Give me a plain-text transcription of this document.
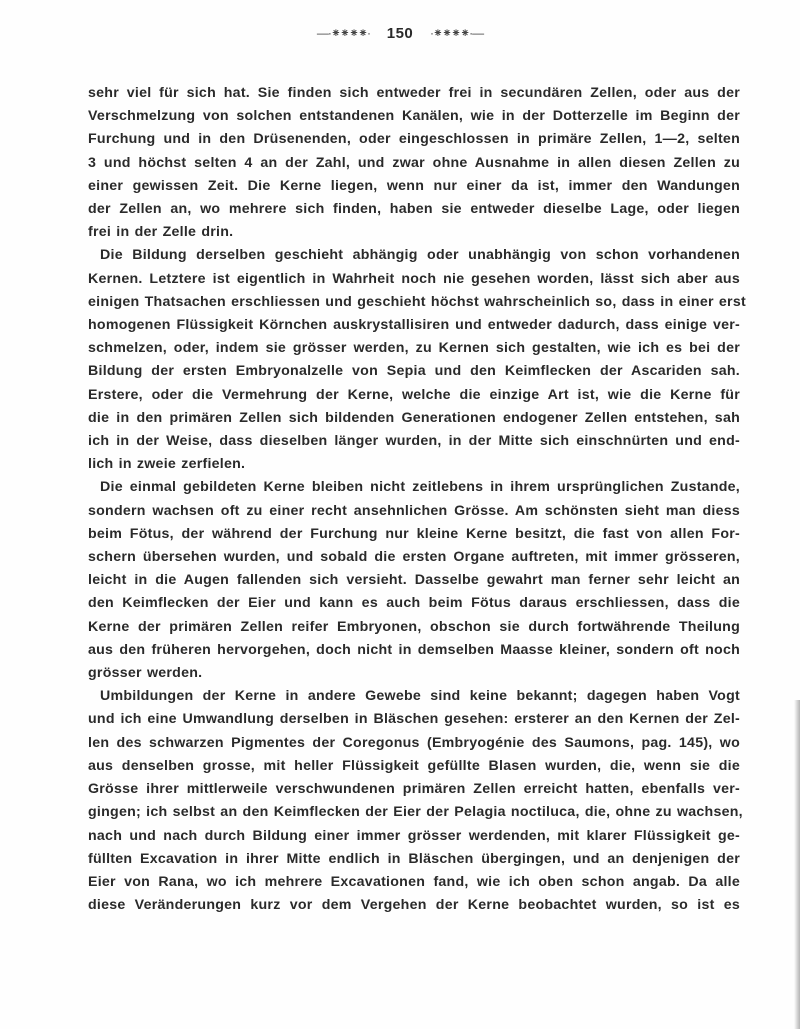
—·⁕⁕⁕⁕· 150 ·⁕⁕⁕⁕·—
sehr viel für sich hat. Sie finden sich entweder frei in secundären Zellen, oder aus der
Verschmelzung von solchen entstandenen Kanälen, wie in der Dotterzelle im Beginn der
Furchung und in den Drüsenenden, oder eingeschlossen in primäre Zellen, 1—2, selten
3 und höchst selten 4 an der Zahl, und zwar ohne Ausnahme in allen diesen Zellen zu
einer gewissen Zeit. Die Kerne liegen, wenn nur einer da ist, immer den Wandungen
der Zellen an, wo mehrere sich finden, haben sie entweder dieselbe Lage, oder liegen
frei in der Zelle drin.
Die Bildung derselben geschieht abhängig oder unabhängig von schon vorhandenen
Kernen. Letztere ist eigentlich in Wahrheit noch nie gesehen worden, lässt sich aber aus
einigen Thatsachen erschliessen und geschieht höchst wahrscheinlich so, dass in einer erst
homogenen Flüssigkeit Körnchen auskrystallisiren und entweder dadurch, dass einige ver-
schmelzen, oder, indem sie grösser werden, zu Kernen sich gestalten, wie ich es bei der
Bildung der ersten Embryonalzelle von Sepia und den Keimflecken der Ascariden sah.
Erstere, oder die Vermehrung der Kerne, welche die einzige Art ist, wie die Kerne für
die in den primären Zellen sich bildenden Generationen endogener Zellen entstehen, sah
ich in der Weise, dass dieselben länger wurden, in der Mitte sich einschnürten und end-
lich in zweie zerfielen.
Die einmal gebildeten Kerne bleiben nicht zeitlebens in ihrem ursprünglichen Zustande,
sondern wachsen oft zu einer recht ansehnlichen Grösse. Am schönsten sieht man diess
beim Fötus, der während der Furchung nur kleine Kerne besitzt, die fast von allen For-
schern übersehen wurden, und sobald die ersten Organe auftreten, mit immer grösseren,
leicht in die Augen fallenden sich versieht. Dasselbe gewahrt man ferner sehr leicht an
den Keimflecken der Eier und kann es auch beim Fötus daraus erschliessen, dass die
Kerne der primären Zellen reifer Embryonen, obschon sie durch fortwährende Theilung
aus den früheren hervorgehen, doch nicht in demselben Maasse kleiner, sondern oft noch
grösser werden.
Umbildungen der Kerne in andere Gewebe sind keine bekannt; dagegen haben Vogt
und ich eine Umwandlung derselben in Bläschen gesehen: ersterer an den Kernen der Zel-
len des schwarzen Pigmentes der Coregonus (Embryogénie des Saumons, pag. 145), wo
aus denselben grosse, mit heller Flüssigkeit gefüllte Blasen wurden, die, wenn sie die
Grösse ihrer mittlerweile verschwundenen primären Zellen erreicht hatten, ebenfalls ver-
gingen; ich selbst an den Keimflecken der Eier der Pelagia noctiluca, die, ohne zu wachsen,
nach und nach durch Bildung einer immer grösser werdenden, mit klarer Flüssigkeit ge-
füllten Excavation in ihrer Mitte endlich in Bläschen übergingen, und an denjenigen der
Eier von Rana, wo ich mehrere Excavationen fand, wie ich oben schon angab. Da alle
diese Veränderungen kurz vor dem Vergehen der Kerne beobachtet wurden, so ist es
